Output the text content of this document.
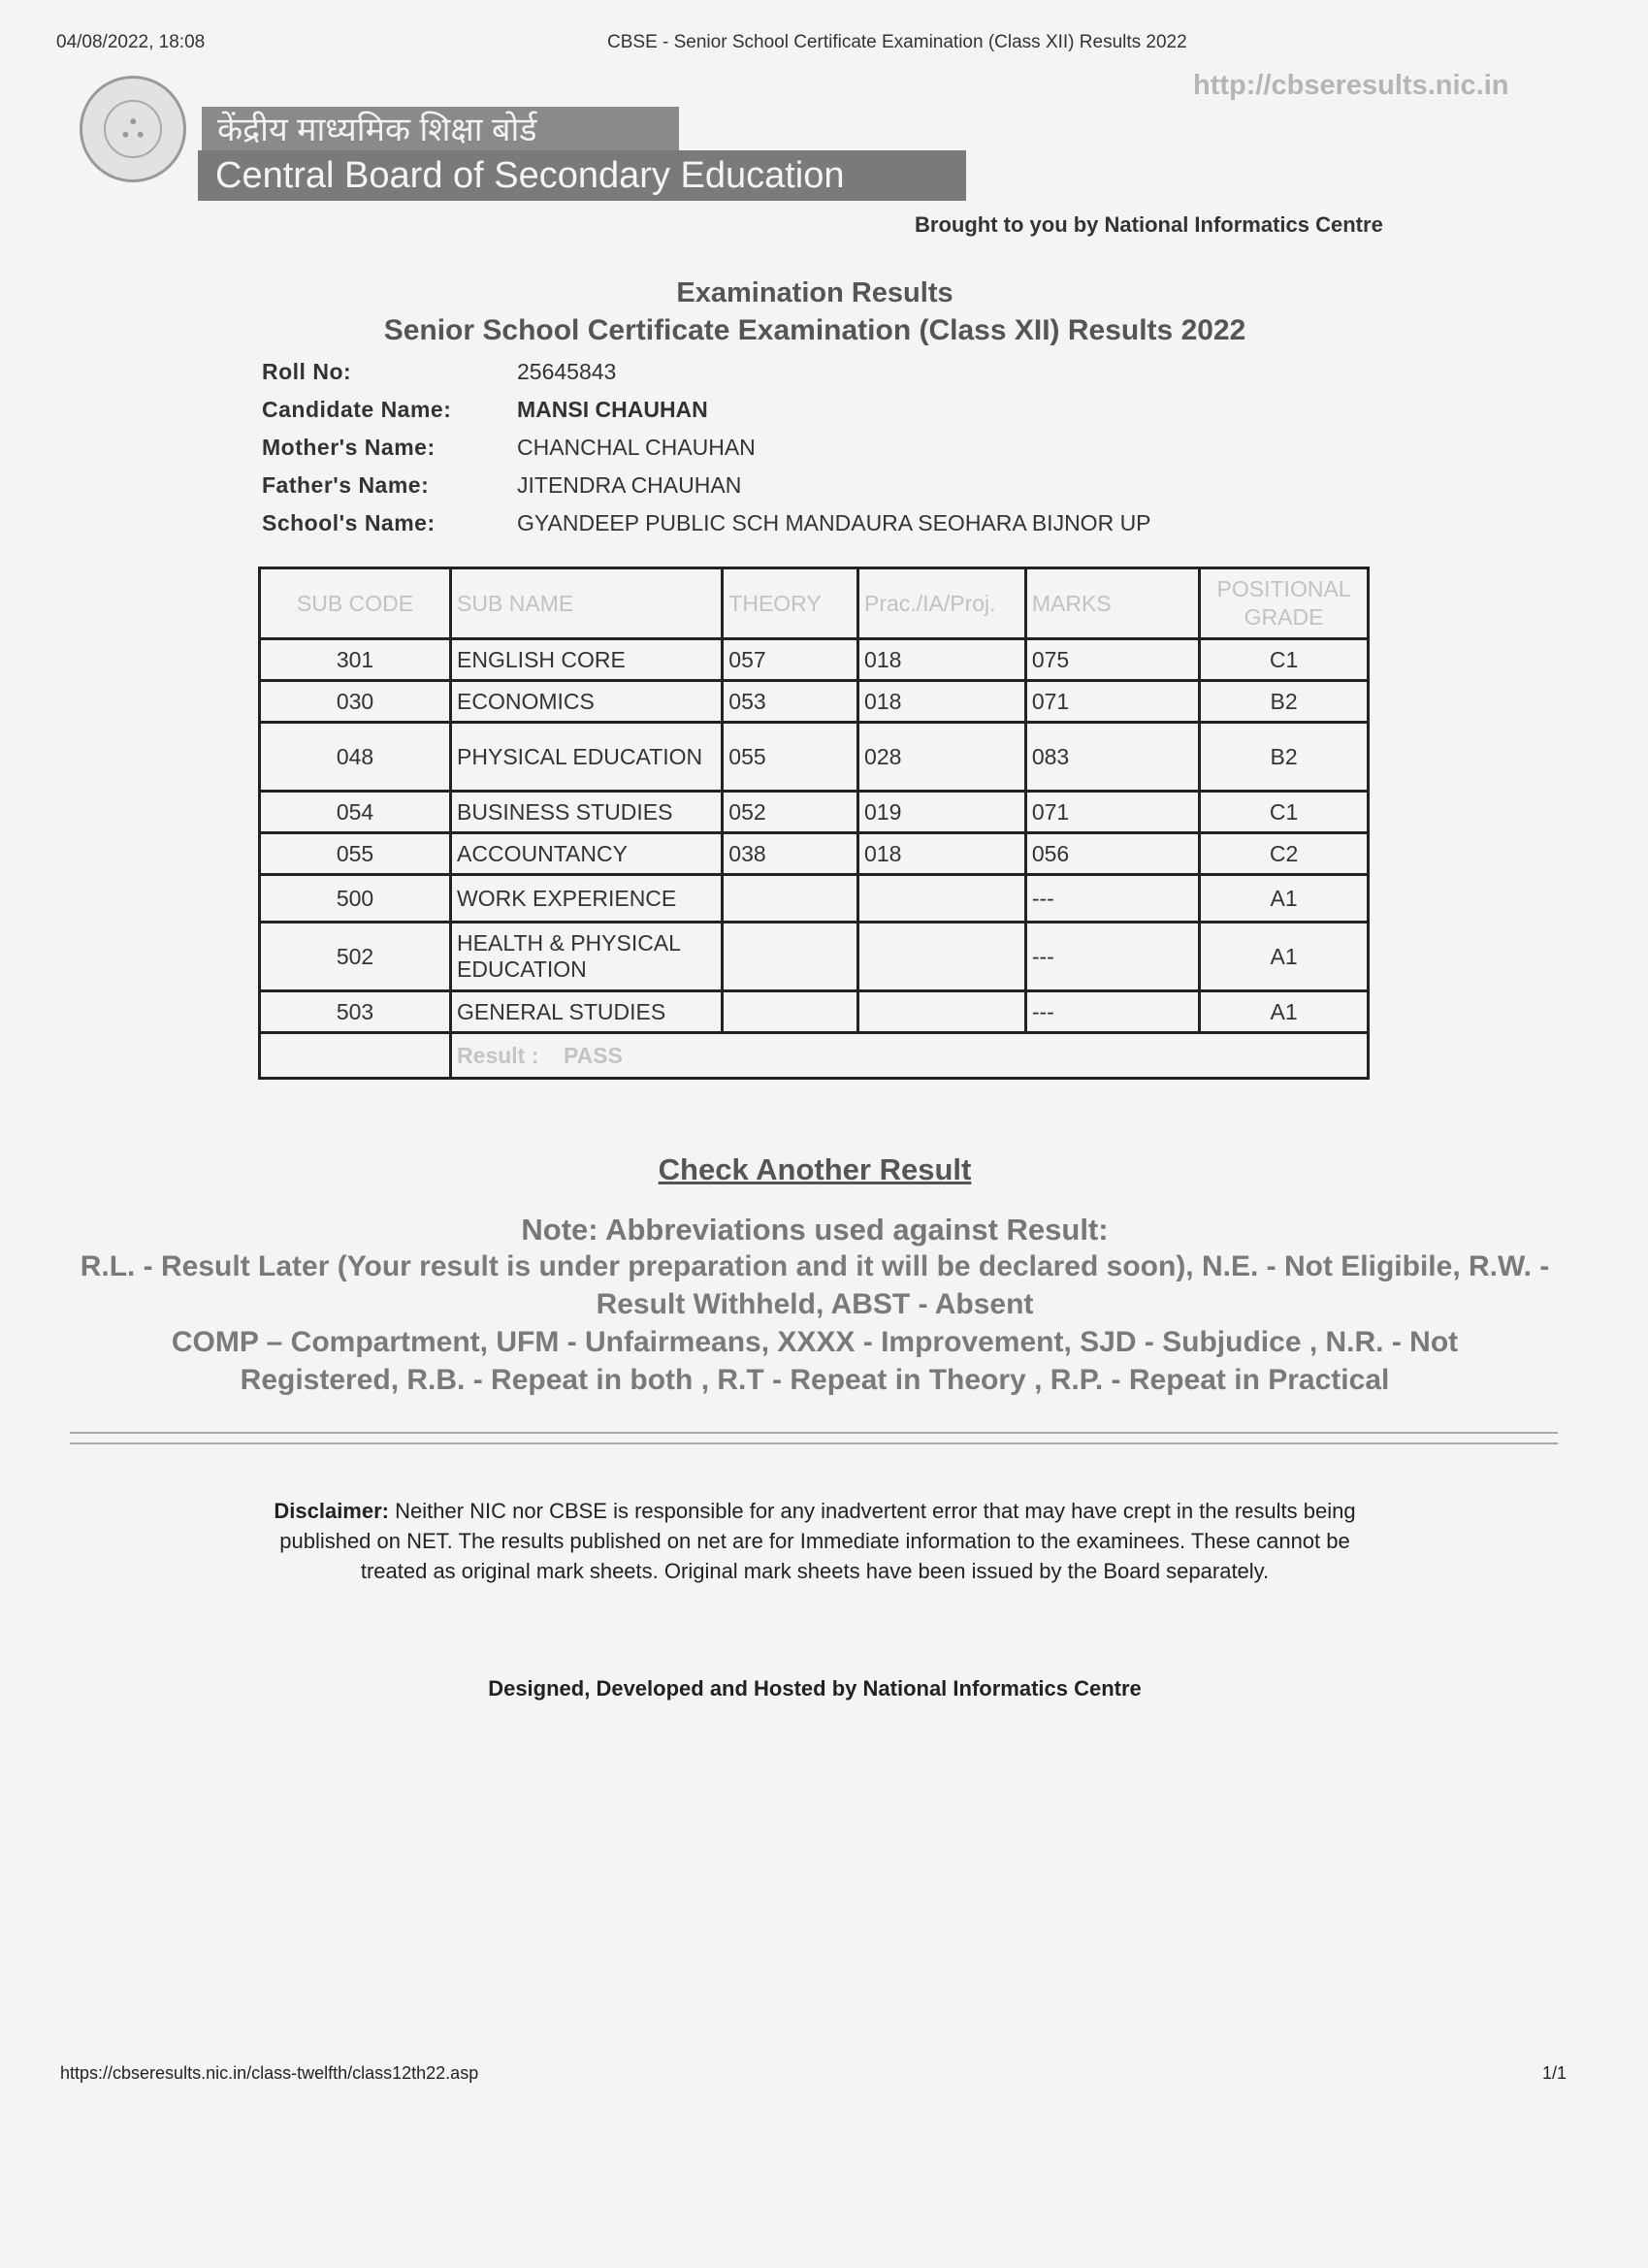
04/08/2022, 18:08	CBSE - Senior School Certificate Examination (Class XII) Results 2022
⛬	केंद्रीय माध्यमिक शिक्षा बोर्ड
Central Board of Secondary Education
http://cbseresults.nic.in
Brought to you by National Informatics Centre
Examination Results
Senior School Certificate Examination (Class XII) Results 2022
Roll No:	25645843
Candidate Name:	MANSI CHAUHAN
Mother's Name:	CHANCHAL CHAUHAN
Father's Name:	JITENDRA CHAUHAN
School's Name:	GYANDEEP PUBLIC SCH MANDAURA SEOHARA BIJNOR UP
SUB CODE	SUB NAME	THEORY	Prac./IA/Proj.	MARKS	POSITIONAL GRADE
301	ENGLISH CORE	057	018	075	C1
030	ECONOMICS	053	018	071	B2
048	PHYSICAL EDUCATION	055	028	083	B2
054	BUSINESS STUDIES	052	019	071	C1
055	ACCOUNTANCY	038	018	056	C2
500	WORK EXPERIENCE			---	A1
502	HEALTH & PHYSICAL EDUCATION			---	A1
503	GENERAL STUDIES			---	A1
	Result : PASS				
Check Another Result
Note: Abbreviations used against Result:
R.L. - Result Later (Your result is under preparation and it will be declared soon), N.E. - Not Eligibile, R.W. - Result Withheld, ABST - Absent
COMP – Compartment, UFM - Unfairmeans, XXXX - Improvement, SJD - Subjudice , N.R. - Not Registered, R.B. - Repeat in both , R.T - Repeat in Theory , R.P. - Repeat in Practical
Disclaimer: Neither NIC nor CBSE is responsible for any inadvertent error that may have crept in the results being published on NET. The results published on net are for Immediate information to the examinees. These cannot be treated as original mark sheets. Original mark sheets have been issued by the Board separately.
Designed, Developed and Hosted by National Informatics Centre
https://cbseresults.nic.in/class-twelfth/class12th22.asp	1/1
